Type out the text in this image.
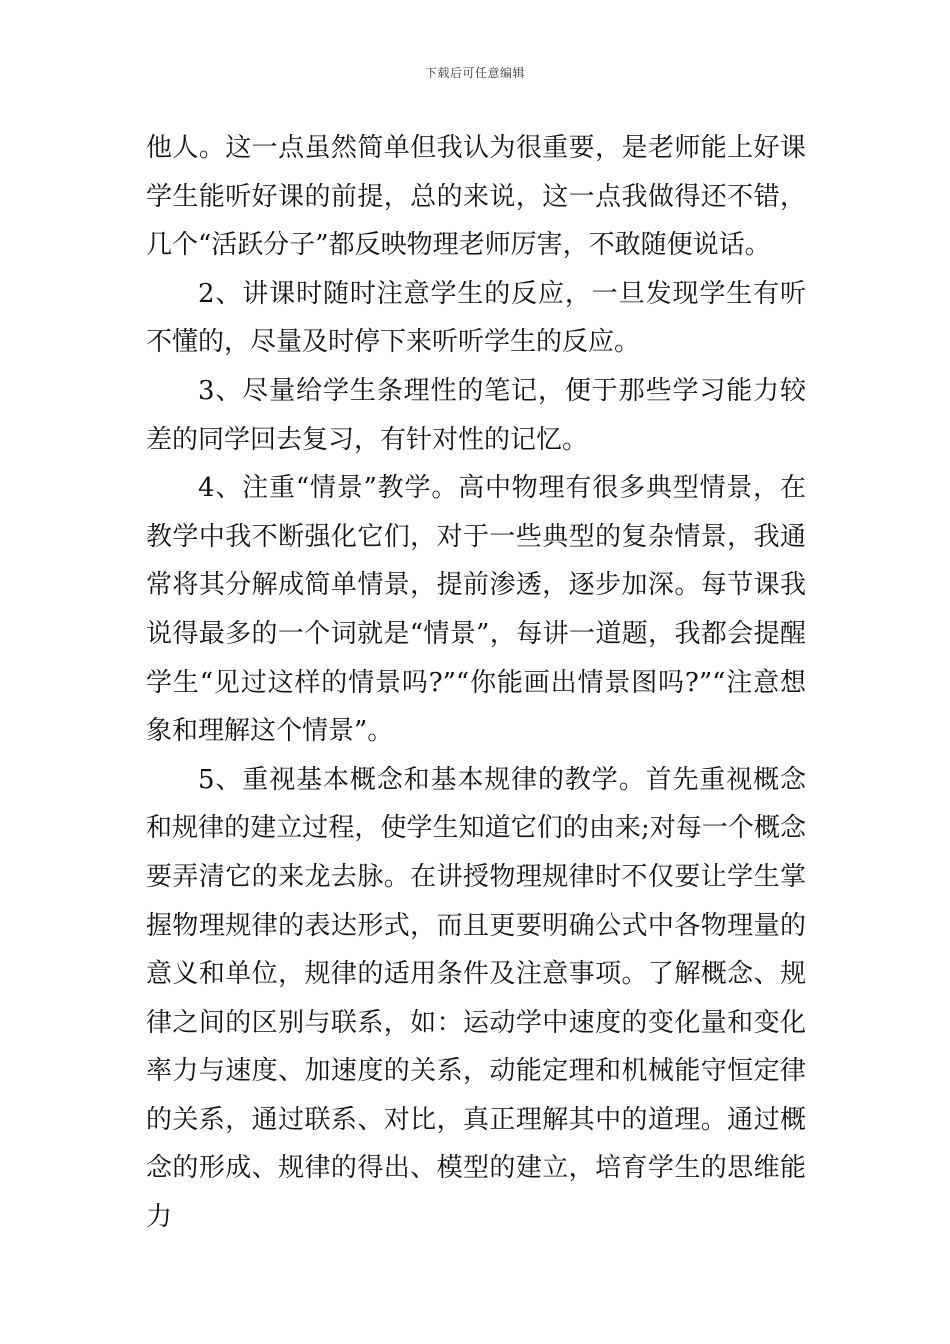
下载后可任意编辑

他人。这一点虽然简单但我认为很重要，是老师能上好课学生能听好课的前提，总的来说，这一点我做得还不错，几个“活跃分子”都反映物理老师厉害，不敢随便说话。

2、讲课时随时注意学生的反应，一旦发现学生有听不懂的，尽量及时停下来听听学生的反应。

3、尽量给学生条理性的笔记，便于那些学习能力较差的同学回去复习，有针对性的记忆。

4、注重“情景”教学。高中物理有很多典型情景，在教学中我不断强化它们，对于一些典型的复杂情景，我通常将其分解成简单情景，提前渗透，逐步加深。每节课我说得最多的一个词就是“情景”，每讲一道题，我都会提醒学生“见过这样的情景吗?”“你能画出情景图吗?”“注意想象和理解这个情景”。

5、重视基本概念和基本规律的教学。首先重视概念和规律的建立过程，使学生知道它们的由来;对每一个概念要弄清它的来龙去脉。在讲授物理规律时不仅要让学生掌握物理规律的表达形式，而且更要明确公式中各物理量的意义和单位，规律的适用条件及注意事项。了解概念、规律之间的区别与联系，如：运动学中速度的变化量和变化率力与速度、加速度的关系，动能定理和机械能守恒定律的关系，通过联系、对比，真正理解其中的道理。通过概念的形成、规律的得出、模型的建立，培育学生的思维能力
